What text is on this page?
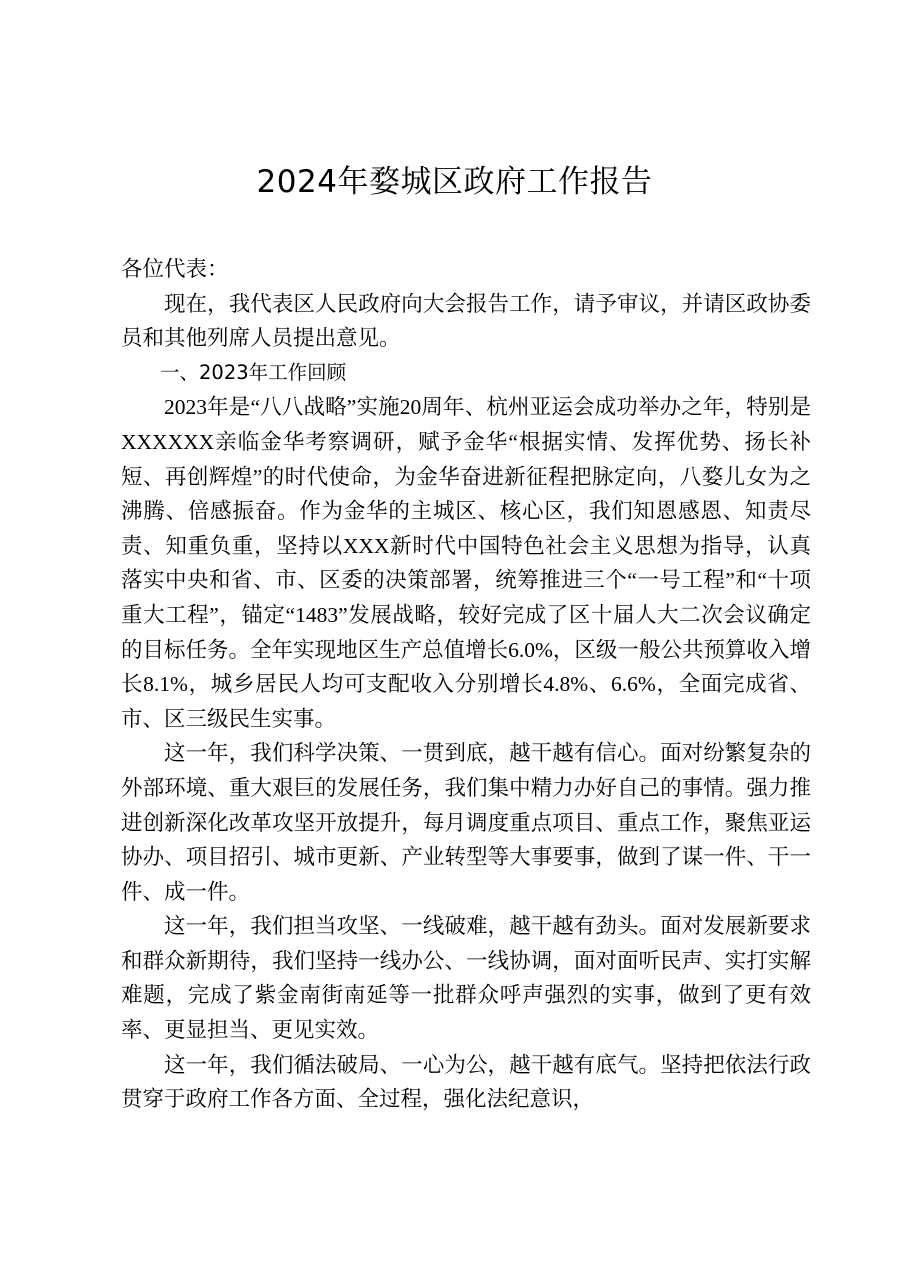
2024年婺城区政府工作报告

各位代表：

现在，我代表区人民政府向大会报告工作，请予审议，并请区政协委员和其他列席人员提出意见。

一、2023年工作回顾

2023年是“八八战略”实施20周年、杭州亚运会成功举办之年，特别是XXXXXX亲临金华考察调研，赋予金华“根据实情、发挥优势、扬长补短、再创辉煌”的时代使命，为金华奋进新征程把脉定向，八婺儿女为之沸腾、倍感振奋。作为金华的主城区、核心区，我们知恩感恩、知责尽责、知重负重，坚持以XXX新时代中国特色社会主义思想为指导，认真落实中央和省、市、区委的决策部署，统筹推进三个“一号工程”和“十项重大工程”，锚定“1483”发展战略，较好完成了区十届人大二次会议确定的目标任务。全年实现地区生产总值增长6.0%，区级一般公共预算收入增长8.1%，城乡居民人均可支配收入分别增长4.8%、6.6%，全面完成省、市、区三级民生实事。

这一年，我们科学决策、一贯到底，越干越有信心。面对纷繁复杂的外部环境、重大艰巨的发展任务，我们集中精力办好自己的事情。强力推进创新深化改革攻坚开放提升，每月调度重点项目、重点工作，聚焦亚运协办、项目招引、城市更新、产业转型等大事要事，做到了谋一件、干一件、成一件。

这一年，我们担当攻坚、一线破难，越干越有劲头。面对发展新要求和群众新期待，我们坚持一线办公、一线协调，面对面听民声、实打实解难题，完成了紫金南街南延等一批群众呼声强烈的实事，做到了更有效率、更显担当、更见实效。

这一年，我们循法破局、一心为公，越干越有底气。坚持把依法行政贯穿于政府工作各方面、全过程，强化法纪意识，
